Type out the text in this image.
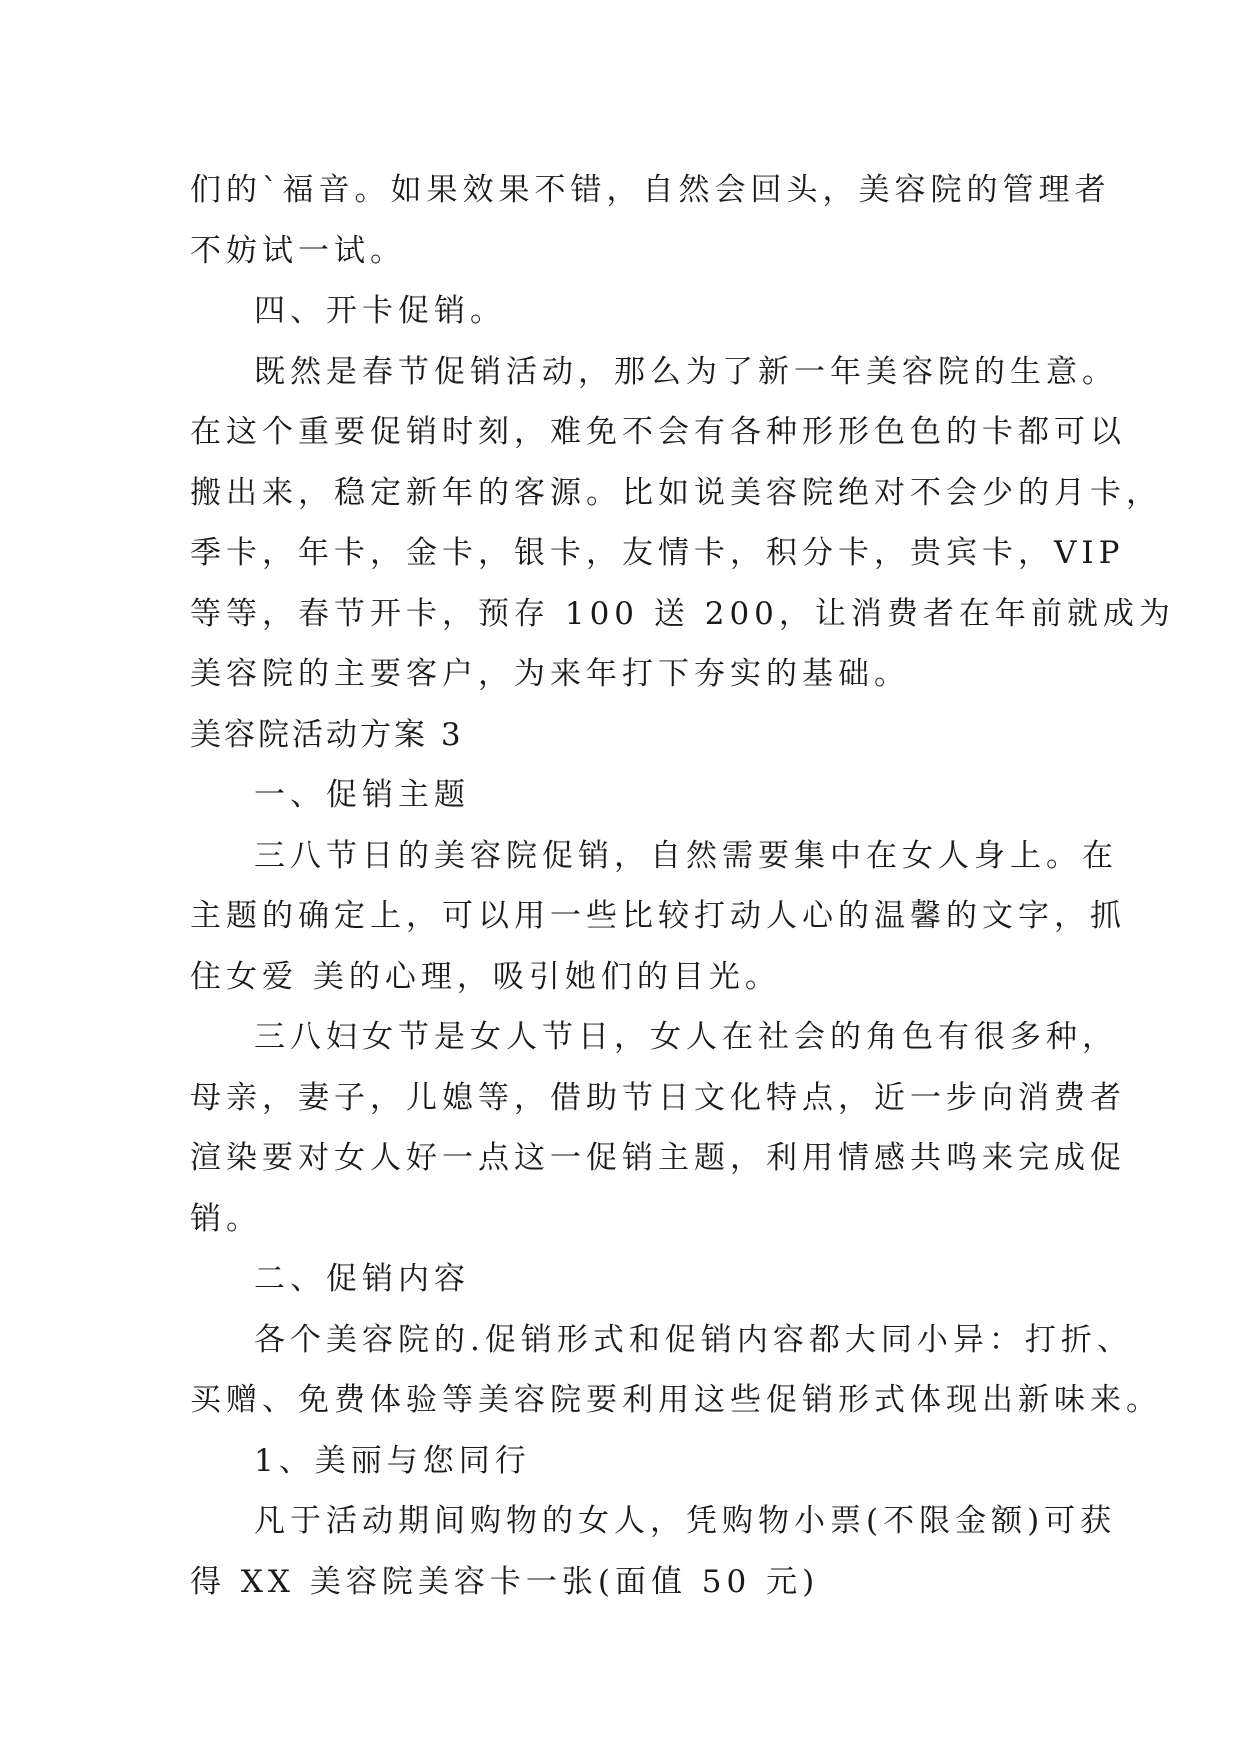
们的`福音。如果效果不错，自然会回头，美容院的管理者
不妨试一试。
四、开卡促销。
既然是春节促销活动，那么为了新一年美容院的生意。
在这个重要促销时刻，难免不会有各种形形色色的卡都可以
搬出来，稳定新年的客源。比如说美容院绝对不会少的月卡，
季卡，年卡，金卡，银卡，友情卡，积分卡，贵宾卡，VIP
等等，春节开卡，预存 100 送 200，让消费者在年前就成为
美容院的主要客户，为来年打下夯实的基础。
美容院活动方案 3
一、促销主题
三八节日的美容院促销，自然需要集中在女人身上。在
主题的确定上，可以用一些比较打动人心的温馨的文字，抓
住女爱 美的心理，吸引她们的目光。
三八妇女节是女人节日，女人在社会的角色有很多种，
母亲，妻子，儿媳等，借助节日文化特点，近一步向消费者
渲染要对女人好一点这一促销主题，利用情感共鸣来完成促
销。
二、促销内容
各个美容院的.促销形式和促销内容都大同小异：打折、
买赠、免费体验等美容院要利用这些促销形式体现出新味来。
1、美丽与您同行
凡于活动期间购物的女人，凭购物小票(不限金额)可获
得 XX 美容院美容卡一张(面值 50 元)
